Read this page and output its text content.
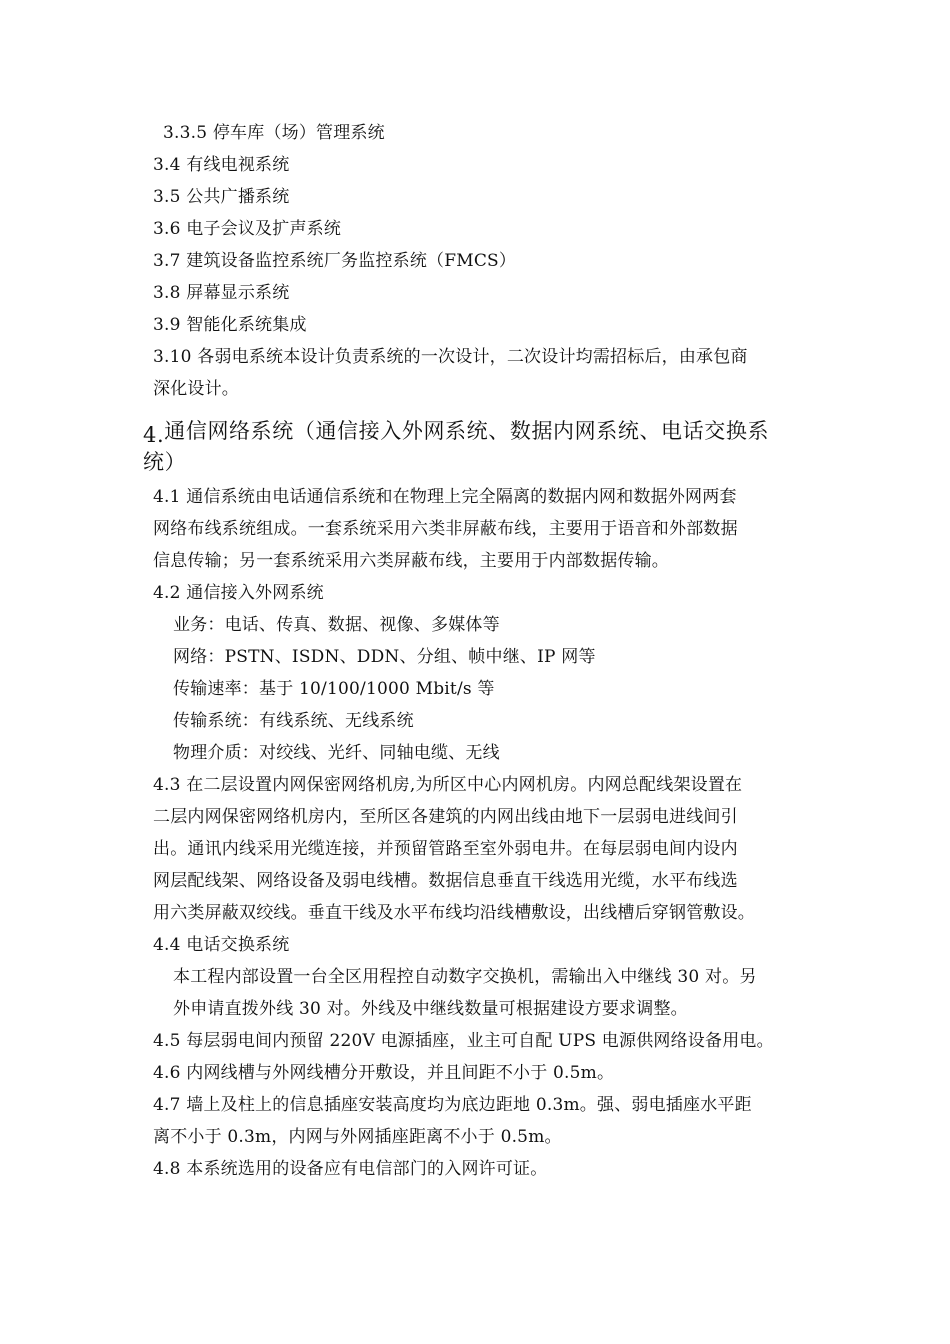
3.3.5 停车库（场）管理系统
3.4 有线电视系统
3.5 公共广播系统
3.6 电子会议及扩声系统
3.7 建筑设备监控系统厂务监控系统（FMCS）
3.8 屏幕显示系统
3.9 智能化系统集成
3.10 各弱电系统本设计负责系统的一次设计，二次设计均需招标后，由承包商
深化设计。
4.通信网络系统（通信接入外网系统、数据内网系统、电话交换系
统）
4.1 通信系统由电话通信系统和在物理上完全隔离的数据内网和数据外网两套
网络布线系统组成。一套系统采用六类非屏蔽布线，主要用于语音和外部数据
信息传输；另一套系统采用六类屏蔽布线，主要用于内部数据传输。
4.2 通信接入外网系统
业务：电话、传真、数据、视像、多媒体等
网络：PSTN、ISDN、DDN、分组、帧中继、IP 网等
传输速率：基于 10/100/1000 Mbit/s 等
传输系统：有线系统、无线系统
物理介质：对绞线、光纤、同轴电缆、无线
4.3 在二层设置内网保密网络机房,为所区中心内网机房。内网总配线架设置在
二层内网保密网络机房内，至所区各建筑的内网出线由地下一层弱电进线间引
出。通讯内线采用光缆连接，并预留管路至室外弱电井。在每层弱电间内设内
网层配线架、网络设备及弱电线槽。数据信息垂直干线选用光缆，水平布线选
用六类屏蔽双绞线。垂直干线及水平布线均沿线槽敷设，出线槽后穿钢管敷设。
4.4 电话交换系统
本工程内部设置一台全区用程控自动数字交换机，需输出入中继线 30 对。另
外申请直拨外线 30 对。外线及中继线数量可根据建设方要求调整。
4.5 每层弱电间内预留 220V 电源插座，业主可自配 UPS 电源供网络设备用电。
4.6 内网线槽与外网线槽分开敷设，并且间距不小于 0.5m。
4.7 墙上及柱上的信息插座安装高度均为底边距地 0.3m。强、弱电插座水平距
离不小于 0.3m，内网与外网插座距离不小于 0.5m。
4.8 本系统选用的设备应有电信部门的入网许可证。
